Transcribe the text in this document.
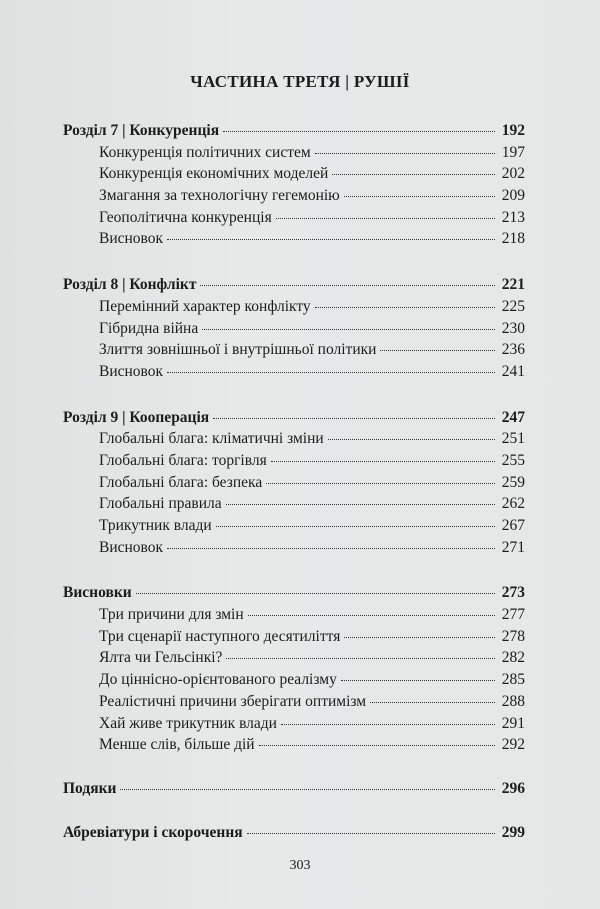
ЧАСТИНА ТРЕТЯ | РУШІЇ
Розділ 7 | Конкуренція	192
Конкуренція політичних систем	197
Конкуренція економічних моделей	202
Змагання за технологічну гегемонію	209
Геополітична конкуренція	213
Висновок	218
Розділ 8 | Конфлікт	221
Перемінний характер конфлікту	225
Гібридна війна	230
Злиття зовнішньої і внутрішньої політики	236
Висновок	241
Розділ 9 | Кооперація	247
Глобальні блага: кліматичні зміни	251
Глобальні блага: торгівля	255
Глобальні блага: безпека	259
Глобальні правила	262
Трикутник влади	267
Висновок	271
Висновки	273
Три причини для змін	277
Три сценарії наступного десятиліття	278
Ялта чи Гельсінкі?	282
До ціннісно-орієнтованого реалізму	285
Реалістичні причини зберігати оптимізм	288
Хай живе трикутник влади	291
Менше слів, більше дій	292
Подяки	296
Абревіатури і скорочення	299
303
